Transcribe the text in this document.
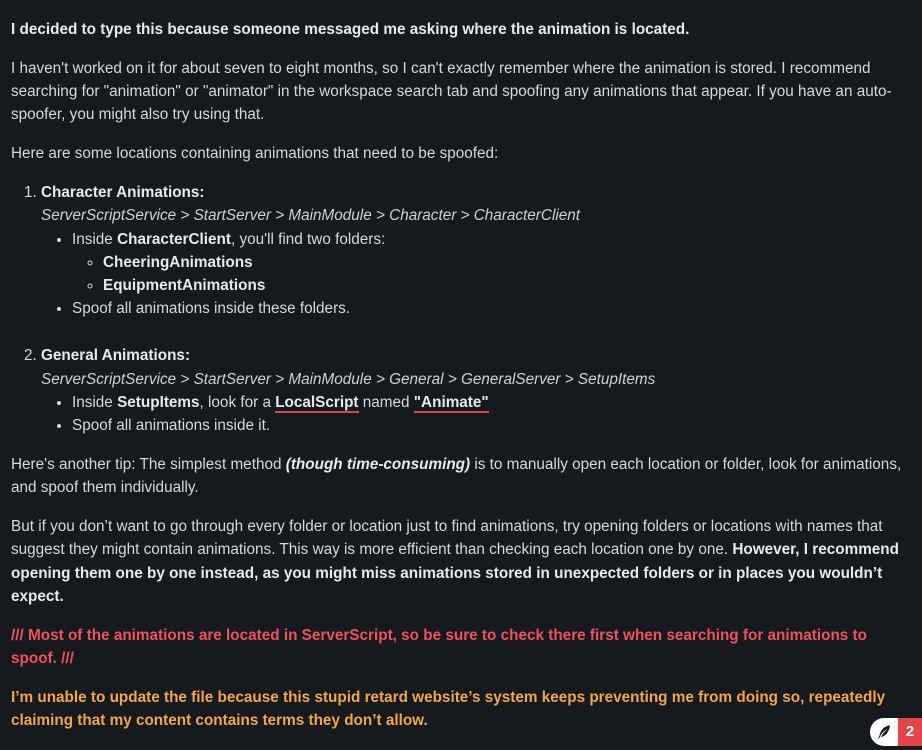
I decided to type this because someone messaged me asking where the animation is located.

I haven't worked on it for about seven to eight months, so I can't exactly remember where the animation is stored. I recommend searching for "animation" or "animator" in the workspace search tab and spoofing any animations that appear. If you have an auto-spoofer, you might also try using that.

Here are some locations containing animations that need to be spoofed:

1. Character Animations:
ServerScriptService > StartServer > MainModule > Character > CharacterClient
• Inside CharacterClient, you'll find two folders:
◦ CheeringAnimations
◦ EquipmentAnimations
• Spoof all animations inside these folders.
2. General Animations:
ServerScriptService > StartServer > MainModule > General > GeneralServer > SetupItems
• Inside SetupItems, look for a LocalScript named "Animate"
• Spoof all animations inside it.

Here's another tip: The simplest method (though time-consuming) is to manually open each location or folder, look for animations, and spoof them individually.

But if you don’t want to go through every folder or location just to find animations, try opening folders or locations with names that suggest they might contain animations. This way is more efficient than checking each location one by one. However, I recommend opening them one by one instead, as you might miss animations stored in unexpected folders or in places you wouldn’t expect.

/// Most of the animations are located in ServerScript, so be sure to check there first when searching for animations to spoof. ///

I’m unable to update the file because this stupid retard website’s system keeps preventing me from doing so, repeatedly claiming that my content contains terms they don’t allow.

2
